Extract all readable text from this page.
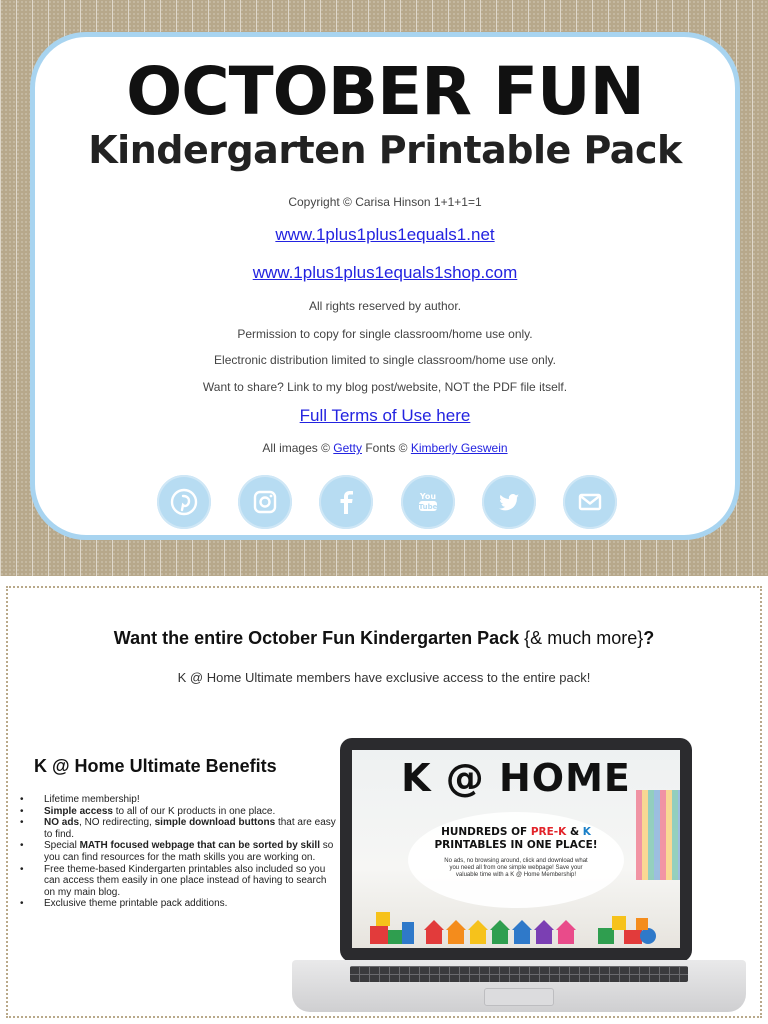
OCTOBER FUN
Kindergarten Printable Pack
Copyright © Carisa Hinson 1+1+1=1
www.1plus1plus1equals1.net
www.1plus1plus1equals1shop.com
All rights reserved by author.
Permission to copy for single classroom/home use only.
Electronic distribution limited to single classroom/home use only.
Want to share? Link to my blog post/website, NOT the PDF file itself.
Full Terms of Use here
All images © Getty Fonts © Kimberly Geswein
You
Tube
Want the entire October Fun Kindergarten Pack {& much more}?
K @ Home Ultimate members have exclusive access to the entire pack!
K @ Home Ultimate Benefits
• Lifetime membership!
• Simple access to all of our K products in one place.
• NO ads, NO redirecting, simple download buttons that are easy to find.
• Special MATH focused webpage that can be sorted by skill so you can find resources for the math skills you are working on.
• Free theme-based Kindergarten printables also included so you can access them easily in one place instead of having to search on my main blog.
• Exclusive theme printable pack additions.
K @ HOME
HUNDREDS OF PRE-K & K
PRINTABLES IN ONE PLACE!
No ads, no browsing around, click and download what you need all from one simple webpage! Save your valuable time with a K @ Home Membership!
